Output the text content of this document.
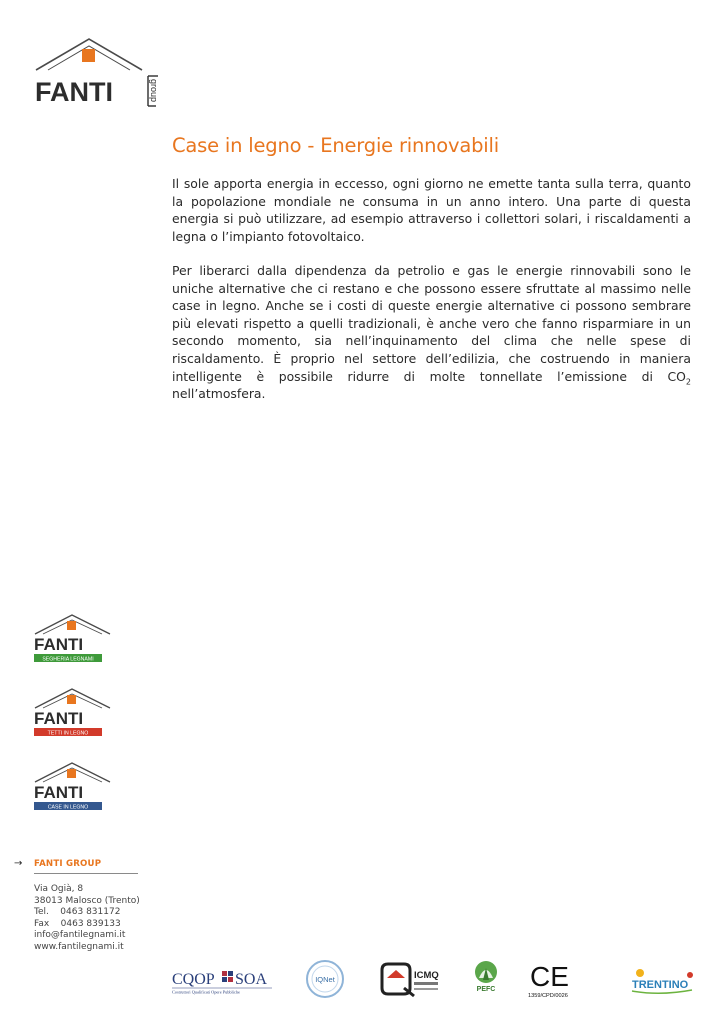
FANTI	group
Case in legno - Energie rinnovabili

Il sole apporta energia in eccesso, ogni giorno ne emette tanta sulla terra, quanto la popolazione mondiale ne consuma in un anno intero. Una parte di questa energia si può utilizzare, ad esempio attraverso i collettori solari, i riscaldamenti a legna o l’impianto fotovoltaico.

Per liberarci dalla dipendenza da petrolio e gas le energie rinnovabili sono le uniche alternative che ci restano e che possono essere sfruttate al massimo nelle case in legno. Anche se i costi di queste energie alternative ci possono sembrare più elevati rispetto a quelli tradizionali, è anche vero che fanno risparmiare in un secondo momento, sia nell’inquinamento del clima che nelle spese di riscaldamento. È proprio nel settore dell’edilizia, che costruendo in maniera intelligente è possibile ridurre di molte tonnellate l’emissione di $CO_2$ nell’atmosfera.

FANTI
SEGHERIA LEGNAMI
FANTI
TETTI IN LEGNO
FANTI
CASE IN LEGNO
→ FANTI GROUP
Via Ogià, 8
38013 Malosco (Trento)
Tel.    0463 831172
Fax    0463 839133
info@fantilegnami.it
www.fantilegnami.it
CQOP SOA
Costruttori Qualificati Opere Pubbliche
IQNet	ICMQ
PEFC CE
1359/CPD/0026
TRENTINO
